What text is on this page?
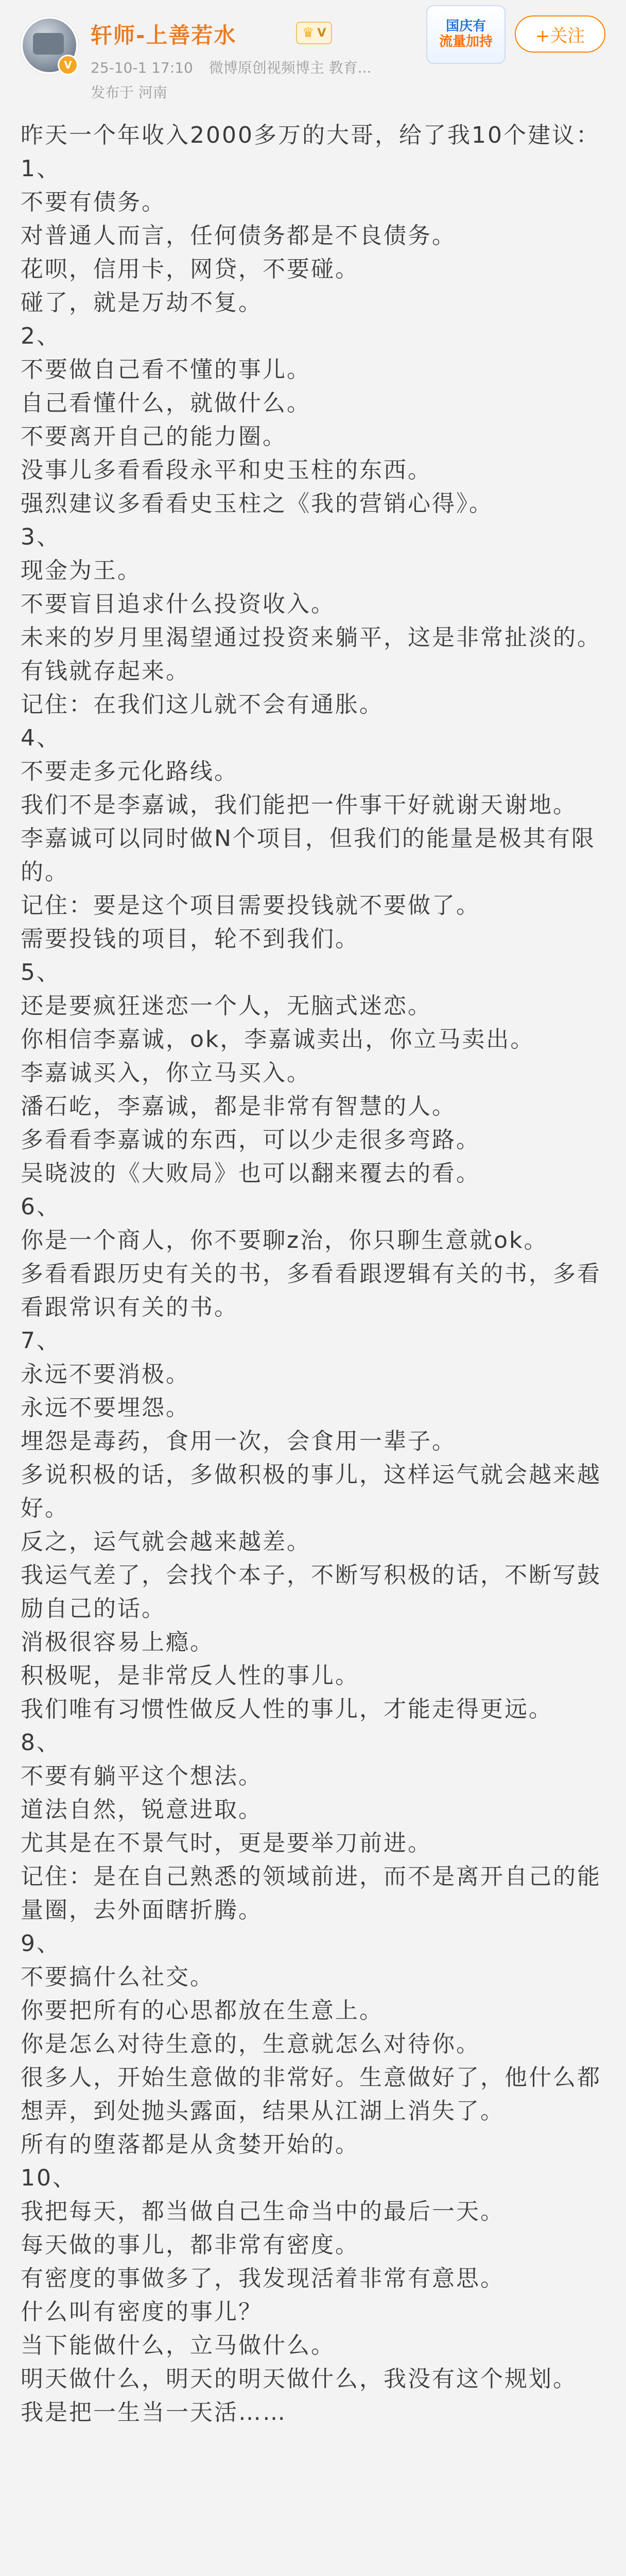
V
轩师-上善若水	♛ V
25-10-1 17:10 微博原创视频博主 教育...
发布于 河南
国庆有
流量加持	+关注

昨天一个年收入2000多万的大哥，给了我10个建议：

1、

不要有债务。

对普通人而言，任何债务都是不良债务。

花呗，信用卡，网贷，不要碰。

碰了，就是万劫不复。

2、

不要做自己看不懂的事儿。

自己看懂什么，就做什么。

不要离开自己的能力圈。

没事儿多看看段永平和史玉柱的东西。

强烈建议多看看史玉柱之《我的营销心得》。

3、

现金为王。

不要盲目追求什么投资收入。

未来的岁月里渴望通过投资来躺平，这是非常扯淡的。

有钱就存起来。

记住：在我们这儿就不会有通胀。

4、

不要走多元化路线。

我们不是李嘉诚，我们能把一件事干好就谢天谢地。

李嘉诚可以同时做N个项目，但我们的能量是极其有限的。

记住：要是这个项目需要投钱就不要做了。

需要投钱的项目，轮不到我们。

5、

还是要疯狂迷恋一个人，无脑式迷恋。

你相信李嘉诚，ok，李嘉诚卖出，你立马卖出。

李嘉诚买入，你立马买入。

潘石屹，李嘉诚，都是非常有智慧的人。

多看看李嘉诚的东西，可以少走很多弯路。

吴晓波的《大败局》也可以翻来覆去的看。

6、

你是一个商人，你不要聊z治，你只聊生意就ok。

多看看跟历史有关的书，多看看跟逻辑有关的书，多看看跟常识有关的书。

7、

永远不要消极。

永远不要埋怨。

埋怨是毒药，食用一次，会食用一辈子。

多说积极的话，多做积极的事儿，这样运气就会越来越好。

反之，运气就会越来越差。

我运气差了，会找个本子，不断写积极的话，不断写鼓励自己的话。

消极很容易上瘾。

积极呢，是非常反人性的事儿。

我们唯有习惯性做反人性的事儿，才能走得更远。

8、

不要有躺平这个想法。

道法自然，锐意进取。

尤其是在不景气时，更是要举刀前进。

记住：是在自己熟悉的领域前进，而不是离开自己的能量圈，去外面瞎折腾。

9、

不要搞什么社交。

你要把所有的心思都放在生意上。

你是怎么对待生意的，生意就怎么对待你。

很多人，开始生意做的非常好。生意做好了，他什么都想弄，到处抛头露面，结果从江湖上消失了。

所有的堕落都是从贪婪开始的。

10、

我把每天，都当做自己生命当中的最后一天。

每天做的事儿，都非常有密度。

有密度的事做多了，我发现活着非常有意思。

什么叫有密度的事儿？

当下能做什么，立马做什么。

明天做什么，明天的明天做什么，我没有这个规划。

我是把一生当一天活……
